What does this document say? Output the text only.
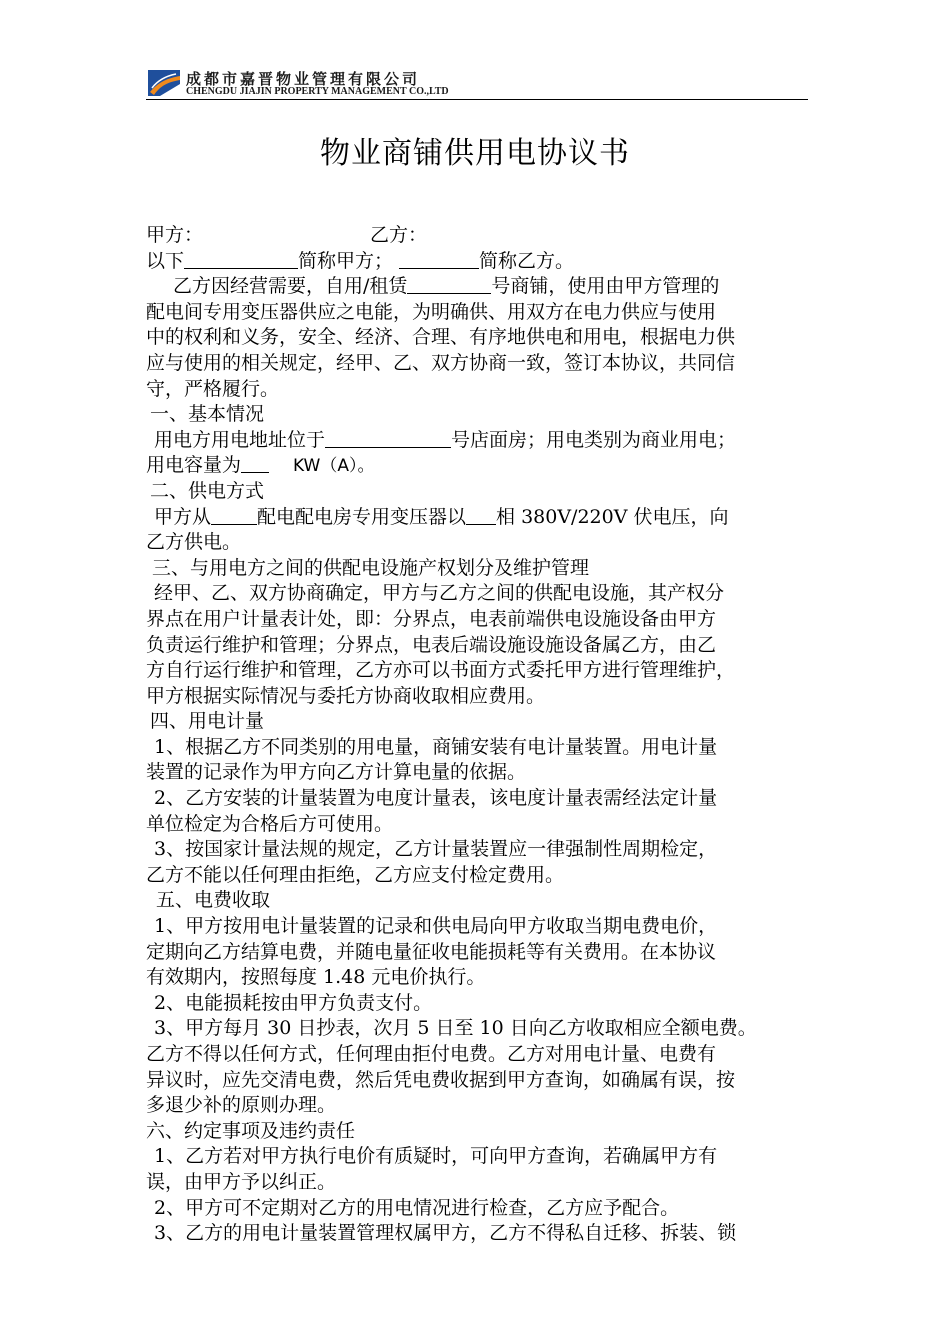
成都市嘉晋物业管理有限公司
CHENGDU JIAJIN PROPERTY MANAGEMENT CO.,LTD
物业商铺供用电协议书
甲方：	乙方：
以下	简称甲方；	简称乙方。
乙方因经营需要，自用/租赁	号商铺，使用由甲方管理的
配电间专用变压器供应之电能，为明确供、用双方在电力供应与使用
中的权利和义务，安全、经济、合理、有序地供电和用电，根据电力供
应与使用的相关规定，经甲、乙、双方协商一致，签订本协议，共同信
守，严格履行。
一、基本情况
用电方用电地址位于	号店面房；用电类别为商业用电；
用电容量为	KW（A）。
二、供电方式
甲方从 配电配电房专用变压器以 相 380V/220V 伏电压，向
乙方供电。
三、与用电方之间的供配电设施产权划分及维护管理
经甲、乙、双方协商确定，甲方与乙方之间的供配电设施，其产权分
界点在用户计量表计处，即：分界点，电表前端供电设施设备由甲方
负责运行维护和管理；分界点，电表后端设施设施设备属乙方，由乙
方自行运行维护和管理，乙方亦可以书面方式委托甲方进行管理维护，
甲方根据实际情况与委托方协商收取相应费用。
四、用电计量
1、根据乙方不同类别的用电量，商铺安装有电计量装置。用电计量
装置的记录作为甲方向乙方计算电量的依据。
2、乙方安装的计量装置为电度计量表，该电度计量表需经法定计量
单位检定为合格后方可使用。
3、按国家计量法规的规定，乙方计量装置应一律强制性周期检定，
乙方不能以任何理由拒绝，乙方应支付检定费用。
五、电费收取
1、甲方按用电计量装置的记录和供电局向甲方收取当期电费电价，
定期向乙方结算电费，并随电量征收电能损耗等有关费用。在本协议
有效期内，按照每度 1.48 元电价执行。
2、电能损耗按由甲方负责支付。
3、甲方每月 30 日抄表，次月 5 日至 10 日向乙方收取相应全额电费。
乙方不得以任何方式，任何理由拒付电费。乙方对用电计量、电费有
异议时，应先交清电费，然后凭电费收据到甲方查询，如确属有误，按
多退少补的原则办理。
六、约定事项及违约责任
1、乙方若对甲方执行电价有质疑时，可向甲方查询，若确属甲方有
误，由甲方予以纠正。
2、甲方可不定期对乙方的用电情况进行检查，乙方应予配合。
3、乙方的用电计量装置管理权属甲方，乙方不得私自迁移、拆装、锁
